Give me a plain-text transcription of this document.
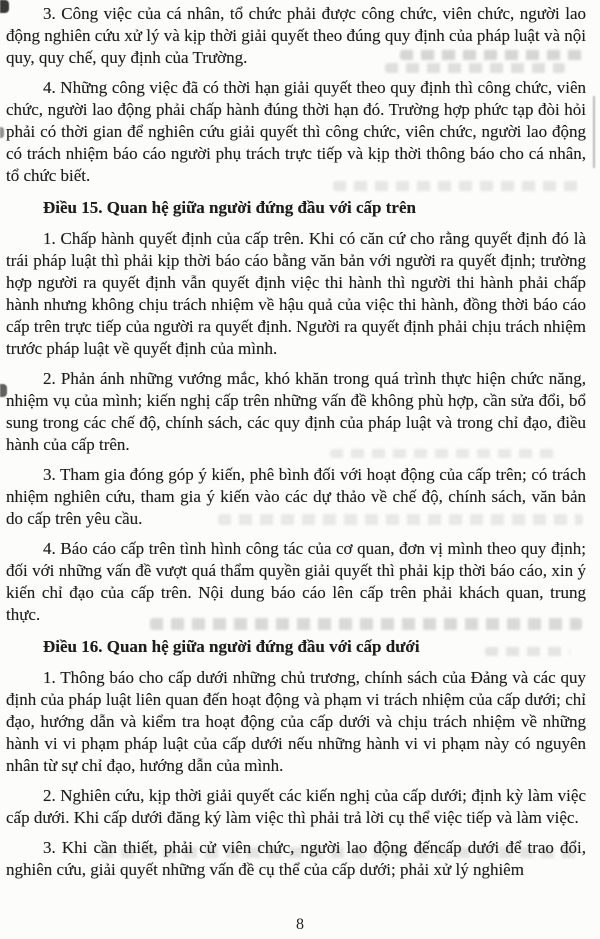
3. Công việc của cá nhân, tổ chức phải được công chức, viên chức, người lao động nghiên cứu xử lý và kịp thời giải quyết theo đúng quy định của pháp luật và nội quy, quy chế, quy định của Trường.

4. Những công việc đã có thời hạn giải quyết theo quy định thì công chức, viên chức, người lao động phải chấp hành đúng thời hạn đó. Trường hợp phức tạp đòi hỏi phải có thời gian để nghiên cứu giải quyết thì công chức, viên chức, người lao động có trách nhiệm báo cáo người phụ trách trực tiếp và kịp thời thông báo cho cá nhân, tổ chức biết.

Điều 15. Quan hệ giữa người đứng đầu với cấp trên

1. Chấp hành quyết định của cấp trên. Khi có căn cứ cho rằng quyết định đó là trái pháp luật thì phải kịp thời báo cáo bằng văn bản với người ra quyết định; trường hợp người ra quyết định vẫn quyết định việc thi hành thì người thi hành phải chấp hành nhưng không chịu trách nhiệm về hậu quả của việc thi hành, đồng thời báo cáo cấp trên trực tiếp của người ra quyết định. Người ra quyết định phải chịu trách nhiệm trước pháp luật về quyết định của mình.

2. Phản ánh những vướng mắc, khó khăn trong quá trình thực hiện chức năng, nhiệm vụ của mình; kiến nghị cấp trên những vấn đề không phù hợp, cần sửa đổi, bổ sung trong các chế độ, chính sách, các quy định của pháp luật và trong chỉ đạo, điều hành của cấp trên.

3. Tham gia đóng góp ý kiến, phê bình đối với hoạt động của cấp trên; có trách nhiệm nghiên cứu, tham gia ý kiến vào các dự thảo về chế độ, chính sách, văn bản do cấp trên yêu cầu.

4. Báo cáo cấp trên tình hình công tác của cơ quan, đơn vị mình theo quy định; đối với những vấn đề vượt quá thẩm quyền giải quyết thì phải kịp thời báo cáo, xin ý kiến chỉ đạo của cấp trên. Nội dung báo cáo lên cấp trên phải khách quan, trung thực.

Điều 16. Quan hệ giữa người đứng đầu với cấp dưới

1. Thông báo cho cấp dưới những chủ trương, chính sách của Đảng và các quy định của pháp luật liên quan đến hoạt động và phạm vi trách nhiệm của cấp dưới; chỉ đạo, hướng dẫn và kiểm tra hoạt động của cấp dưới và chịu trách nhiệm về những hành vi vi phạm pháp luật của cấp dưới nếu những hành vi vi phạm này có nguyên nhân từ sự chỉ đạo, hướng dẫn của mình.

2. Nghiên cứu, kịp thời giải quyết các kiến nghị của cấp dưới; định kỳ làm việc cấp dưới. Khi cấp dưới đăng ký làm việc thì phải trả lời cụ thể việc tiếp và làm việc.

3. Khi cần thiết, phải cử viên chức, người lao động đếncấp dưới để trao đổi, nghiên cứu, giải quyết những vấn đề cụ thể của cấp dưới; phải xử lý nghiêm

8
